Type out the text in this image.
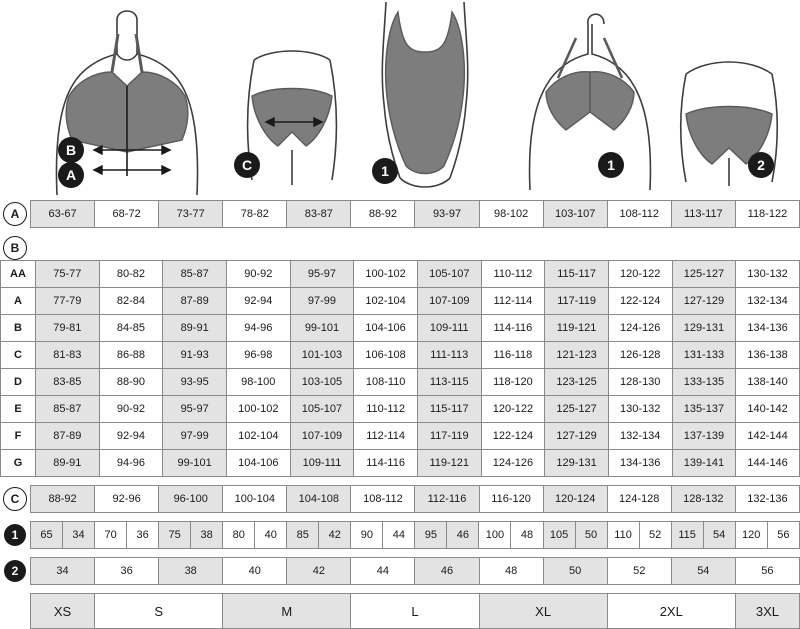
B
A
C	1	1	2
A	63-67	68-72	73-77	78-82	83-87	88-92	93-97	98-102	103-107	108-112	113-117	118-122
B

AA	75-77	80-82	85-87	90-92	95-97	100-102	105-107	110-112	115-117	120-122	125-127	130-132
A	77-79	82-84	87-89	92-94	97-99	102-104	107-109	112-114	117-119	122-124	127-129	132-134
B	79-81	84-85	89-91	94-96	99-101	104-106	109-111	114-116	119-121	124-126	129-131	134-136
C	81-83	86-88	91-93	96-98	101-103	106-108	111-113	116-118	121-123	126-128	131-133	136-138
D	83-85	88-90	93-95	98-100	103-105	108-110	113-115	118-120	123-125	128-130	133-135	138-140
E	85-87	90-92	95-97	100-102	105-107	110-112	115-117	120-122	125-127	130-132	135-137	140-142
F	87-89	92-94	97-99	102-104	107-109	112-114	117-119	122-124	127-129	132-134	137-139	142-144
G	89-91	94-96	99-101	104-106	109-111	114-116	119-121	124-126	129-131	134-136	139-141	144-146
C	88-92	92-96	96-100	100-104	104-108	108-112	112-116	116-120	120-124	124-128	128-132	132-136
1	65	34	70	36	75	38	80	40	85	42	90	44	95	46	100	48	105	50	110	52	115	54	120	56
2	34	36	38	40	42	44	46	48	50	52	54	56
	XS	S	M	L	XL	2XL	3XL
